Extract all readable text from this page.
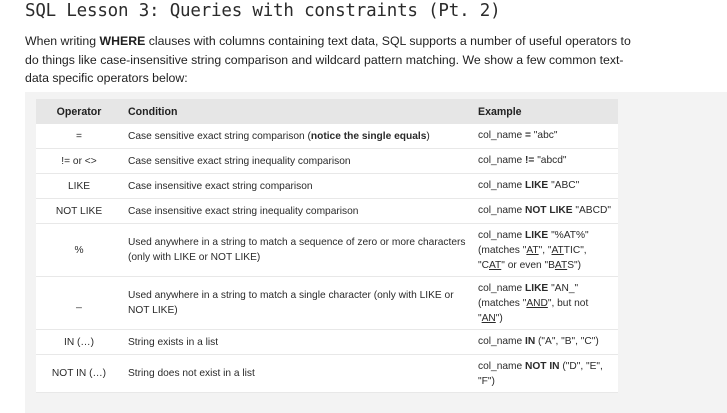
SQL Lesson 3: Queries with constraints (Pt. 2)

When writing WHERE clauses with columns containing text data, SQL supports a number of useful operators to do things like case-insensitive string comparison and wildcard pattern matching. We show a few common text-data specific operators below:

Operator	Condition	Example
=	Case sensitive exact string comparison (notice the single equals)	col_name = "abc"
!= or <>	Case sensitive exact string inequality comparison	col_name != "abcd"
LIKE	Case insensitive exact string comparison	col_name LIKE "ABC"
NOT LIKE	Case insensitive exact string inequality comparison	col_name NOT LIKE "ABCD"
%	Used anywhere in a string to match a sequence of zero or more characters (only with LIKE or NOT LIKE)	col_name LIKE "%AT%" (matches "AT", "ATTIC", "CAT" or even "BATS")
_	Used anywhere in a string to match a single character (only with LIKE or NOT LIKE)	col_name LIKE "AN_" (matches "AND", but not "AN")
IN (…)	String exists in a list	col_name IN ("A", "B", "C")
NOT IN (…)	String does not exist in a list	col_name NOT IN ("D", "E", "F")
